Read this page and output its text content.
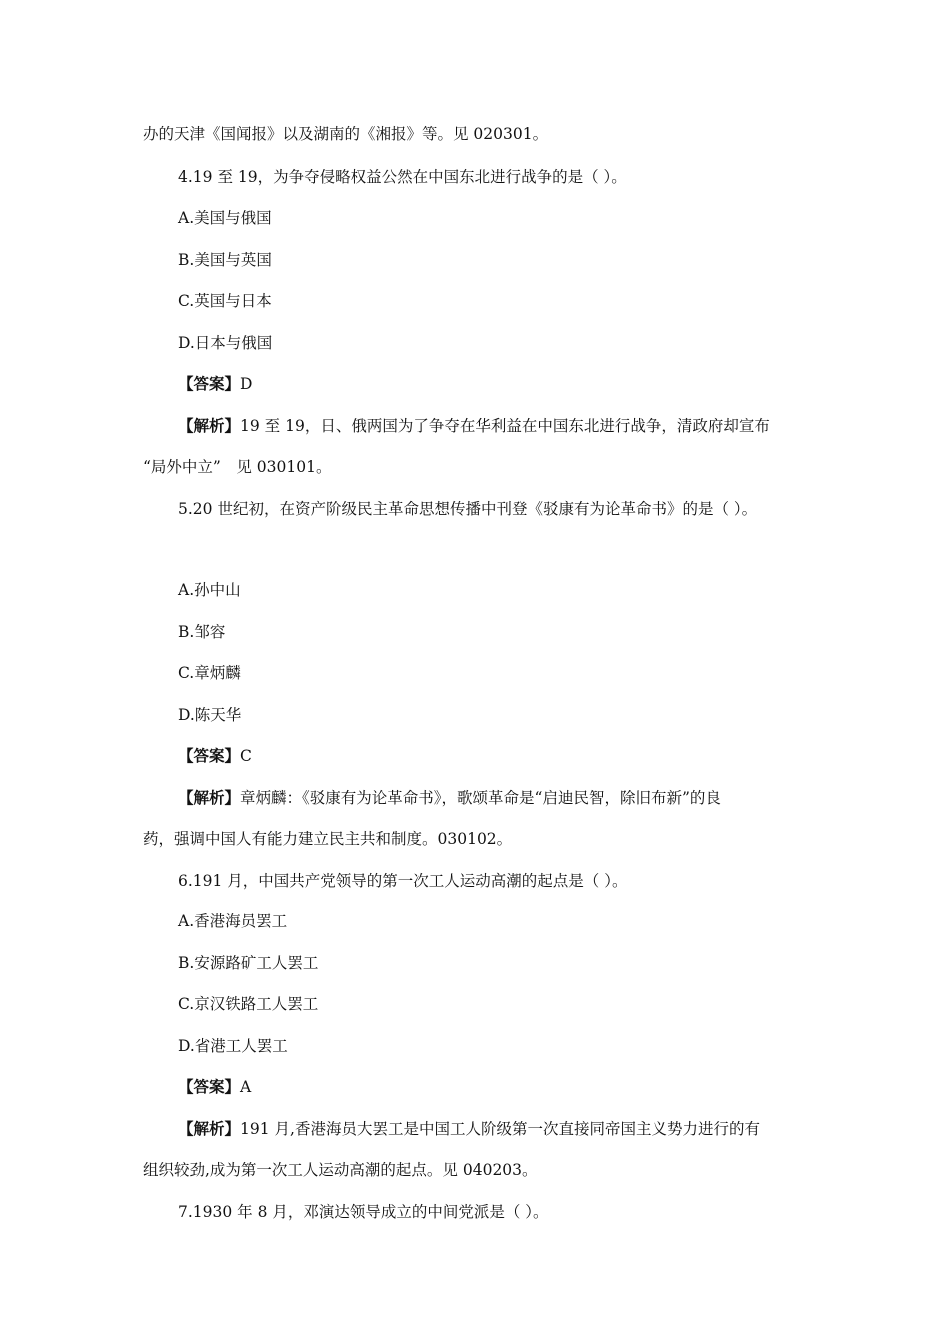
办的天津《国闻报》以及湖南的《湘报》等。见 020301。
4.19 至 19，为争夺侵略权益公然在中国东北进行战争的是（ ）。
A.美国与俄国
B.美国与英国
C.英国与日本
D.日本与俄国
【答案】D
【解析】19 至 19，日、俄两国为了争夺在华利益在中国东北进行战争，清政府却宣布
“局外中立”　见 030101。
5.20 世纪初，在资产阶级民主革命思想传播中刊登《驳康有为论革命书》的是（ ）。
A.孙中山
B.邹容
C.章炳麟
D.陈天华
【答案】C
【解析】章炳麟：《驳康有为论革命书》，歌颂革命是“启迪民智，除旧布新”的良
药，强调中国人有能力建立民主共和制度。030102。
6.191 月，中国共产党领导的第一次工人运动高潮的起点是（ ）。
A.香港海员罢工
B.安源路矿工人罢工
C.京汉铁路工人罢工
D.省港工人罢工
【答案】A
【解析】191 月,香港海员大罢工是中国工人阶级第一次直接同帝国主义势力进行的有
组织较劲,成为第一次工人运动高潮的起点。见 040203。
7.1930 年 8 月，邓演达领导成立的中间党派是（ ）。
